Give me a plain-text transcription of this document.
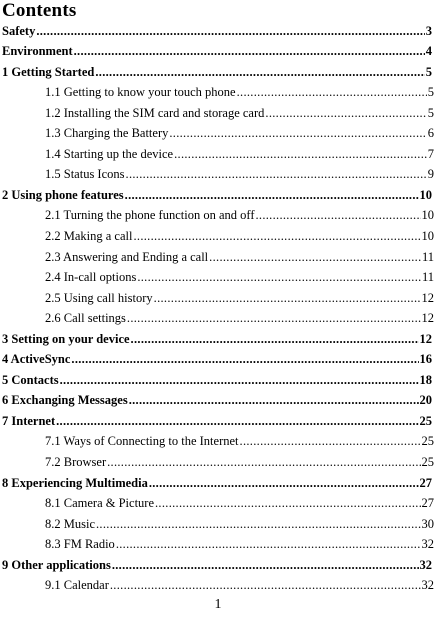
Contents
Safety .....	3
Environment .....	4
1 Getting Started .....	5
1.1 Getting to know your touch phone .....	5
1.2 Installing the SIM card and storage card .....	5
1.3 Charging the Battery .....	6
1.4 Starting up the device .....	7
1.5 Status Icons .....	9
2 Using phone features .....	10
2.1 Turning the phone function on and off .....	10
2.2 Making a call .....	10
2.3 Answering and Ending a call .....	11
2.4 In-call options .....	11
2.5 Using call history .....	12
2.6 Call settings .....	12
3 Setting on your device .....	12
4 ActiveSync .....	16
5 Contacts .....	18
6 Exchanging Messages .....	20
7 Internet .....	25
7.1 Ways of Connecting to the Internet .....	25
7.2 Browser .....	25
8 Experiencing Multimedia .....	27
8.1 Camera & Picture .....	27
8.2 Music .....	30
8.3 FM Radio .....	32
9 Other applications .....	32
9.1 Calendar .....	32
1
